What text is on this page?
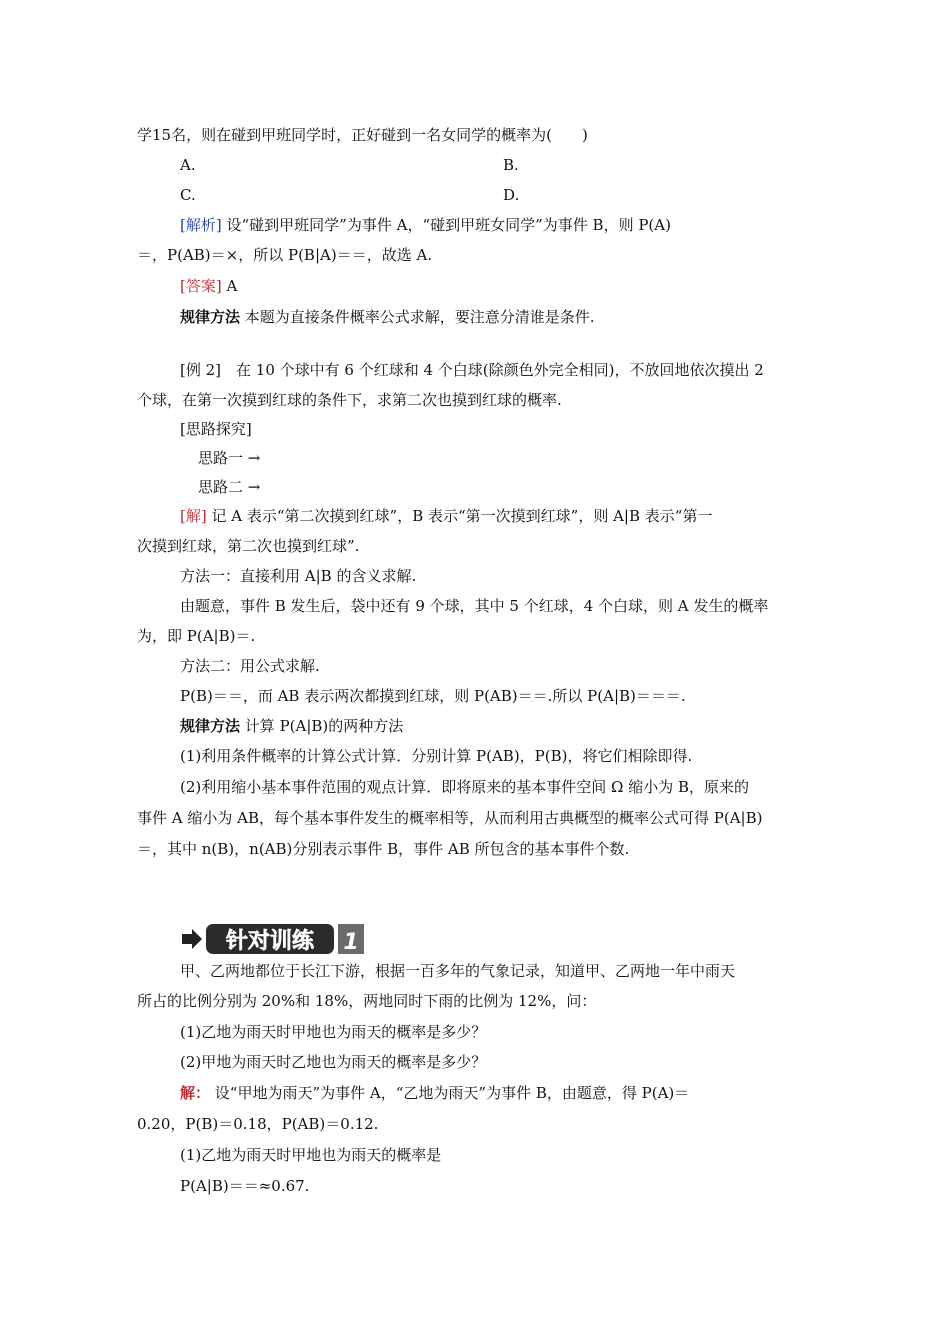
学15名，则在碰到甲班同学时，正好碰到一名女同学的概率为(　　)
A.	B.
C.	D.
[解析] 设“碰到甲班同学”为事件 A，“碰到甲班女同学”为事件 B，则 P(A)
＝，P(AB)＝×，所以 P(B|A)＝＝，故选 A.
[答案] A
规律方法 本题为直接条件概率公式求解，要注意分清谁是条件.
[例 2]　在 10 个球中有 6 个红球和 4 个白球(除颜色外完全相同)，不放回地依次摸出 2
个球，在第一次摸到红球的条件下，求第二次也摸到红球的概率.
[思路探究]
思路一 →
思路二 →
[解] 记 A 表示“第二次摸到红球”，B 表示“第一次摸到红球”，则 A|B 表示“第一
次摸到红球，第二次也摸到红球”.
方法一：直接利用 A|B 的含义求解.
由题意，事件 B 发生后，袋中还有 9 个球，其中 5 个红球，4 个白球，则 A 发生的概率
为，即 P(A|B)＝.
方法二：用公式求解.
P(B)＝＝，而 AB 表示两次都摸到红球，则 P(AB)＝＝.所以 P(A|B)＝＝＝.
规律方法 计算 P(A|B)的两种方法
(1)利用条件概率的计算公式计算．分别计算 P(AB)，P(B)，将它们相除即得.
(2)利用缩小基本事件范围的观点计算．即将原来的基本事件空间 Ω 缩小为 B，原来的
事件 A 缩小为 AB，每个基本事件发生的概率相等，从而利用古典概型的概率公式可得 P(A|B)
＝，其中 n(B)，n(AB)分别表示事件 B，事件 AB 所包含的基本事件个数.
针对训练 1
甲、乙两地都位于长江下游，根据一百多年的气象记录，知道甲、乙两地一年中雨天
所占的比例分别为 20%和 18%，两地同时下雨的比例为 12%，问：
(1)乙地为雨天时甲地也为雨天的概率是多少？
(2)甲地为雨天时乙地也为雨天的概率是多少？
解： 设“甲地为雨天”为事件 A，“乙地为雨天”为事件 B，由题意，得 P(A)＝
0.20，P(B)＝0.18，P(AB)＝0.12.
(1)乙地为雨天时甲地也为雨天的概率是
P(A|B)＝＝≈0.67.
